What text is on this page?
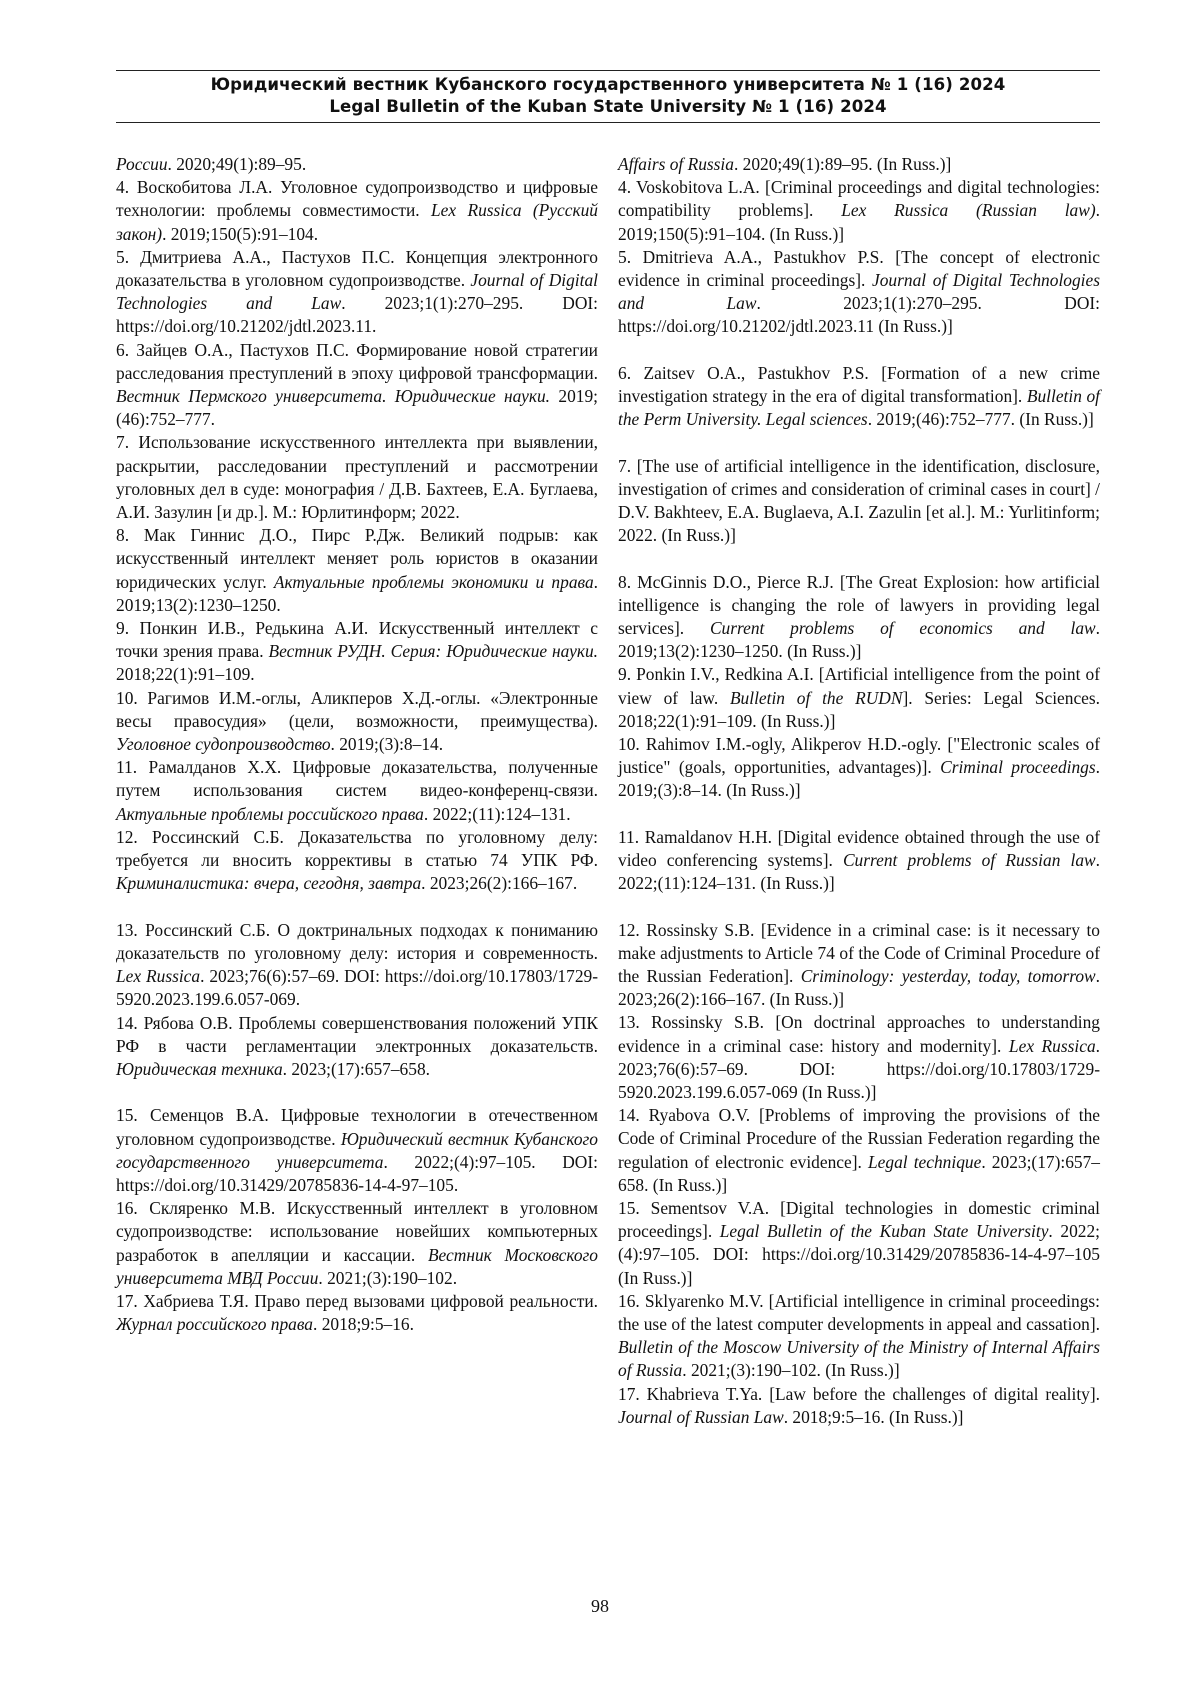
Юридический вестник Кубанского государственного университета № 1 (16) 2024
Legal Bulletin of the Kuban State University № 1 (16) 2024

России. 2020;49(1):89–95.

4. Воскобитова Л.А. Уголовное судопроизводство и цифровые технологии: проблемы совместимости. Lex Russica (Русский закон). 2019;150(5):91–104.

5. Дмитриева А.А., Пастухов П.С. Концепция электронного доказательства в уголовном судопроизводстве. Journal of Digital Technologies and Law. 2023;1(1):270–295. DOI: https://doi.org/10.21202/jdtl.2023.11.

6. Зайцев О.А., Пастухов П.С. Формирование новой стратегии расследования преступлений в эпоху цифровой трансформации. Вестник Пермского университета. Юридические науки. 2019;(46):752–777.

7. Использование искусственного интеллекта при выявлении, раскрытии, расследовании преступлений и рассмотрении уголовных дел в суде: монография / Д.В. Бахтеев, Е.А. Буглаева, А.И. Зазулин [и др.]. М.: Юрлитинформ; 2022.

8. Мак Гиннис Д.О., Пирс Р.Дж. Великий подрыв: как искусственный интеллект меняет роль юристов в оказании юридических услуг. Актуальные проблемы экономики и права. 2019;13(2):1230–1250.

9. Понкин И.В., Редькина А.И. Искусственный интеллект с точки зрения права. Вестник РУДН. Серия: Юридические науки. 2018;22(1):91–109.

10. Рагимов И.М.-оглы, Аликперов Х.Д.-оглы. «Электронные весы правосудия» (цели, возможности, преимущества). Уголовное судопроизводство. 2019;(3):8–14.

11. Рамалданов Х.Х. Цифровые доказательства, полученные путем использования систем видео-конференц-связи. Актуальные проблемы российского права. 2022;(11):124–131.

12. Россинский С.Б. Доказательства по уголовному делу: требуется ли вносить коррективы в статью 74 УПК РФ. Криминалистика: вчера, сегодня, завтра. 2023;26(2):166–167.

13. Россинский С.Б. О доктринальных подходах к пониманию доказательств по уголовному делу: история и современность. Lex Russica. 2023;76(6):57–69. DOI: https://doi.org/10.17803/1729-5920.2023.199.6.057-069.

14. Рябова О.В. Проблемы совершенствования положений УПК РФ в части регламентации электронных доказательств. Юридическая техника. 2023;(17):657–658.

15. Семенцов В.А. Цифровые технологии в отечественном уголовном судопроизводстве. Юридический вестник Кубанского государственного университета. 2022;(4):97–105. DOI: https://doi.org/10.31429/20785836-14-4-97–105.

16. Скляренко М.В. Искусственный интеллект в уголовном судопроизводстве: использование новейших компьютерных разработок в апелляции и кассации. Вестник Московского университета МВД России. 2021;(3):190–102.

17. Хабриева Т.Я. Право перед вызовами цифровой реальности. Журнал российского права. 2018;9:5–16.

Affairs of Russia. 2020;49(1):89–95. (In Russ.)]

4. Voskobitova L.A. [Criminal proceedings and digital technologies: compatibility problems]. Lex Russica (Russian law). 2019;150(5):91–104. (In Russ.)]

5. Dmitrieva A.A., Pastukhov P.S. [The concept of electronic evidence in criminal proceedings]. Journal of Digital Technologies and Law. 2023;1(1):270–295. DOI: https://doi.org/10.21202/jdtl.2023.11 (In Russ.)]

6. Zaitsev O.A., Pastukhov P.S. [Formation of a new crime investigation strategy in the era of digital transformation]. Bulletin of the Perm University. Legal sciences. 2019;(46):752–777. (In Russ.)]

7. [The use of artificial intelligence in the identification, disclosure, investigation of crimes and consideration of criminal cases in court] / D.V. Bakhteev, E.A. Buglaeva, A.I. Zazulin [et al.]. M.: Yurlitinform; 2022. (In Russ.)]

8. McGinnis D.O., Pierce R.J. [The Great Explosion: how artificial intelligence is changing the role of lawyers in providing legal services]. Current problems of economics and law. 2019;13(2):1230–1250. (In Russ.)]

9. Ponkin I.V., Redkina A.I. [Artificial intelligence from the point of view of law. Bulletin of the RUDN]. Series: Legal Sciences. 2018;22(1):91–109. (In Russ.)]

10. Rahimov I.M.-ogly, Alikperov H.D.-ogly. ["Electronic scales of justice" (goals, opportunities, advantages)]. Criminal proceedings. 2019;(3):8–14. (In Russ.)]

11. Ramaldanov H.H. [Digital evidence obtained through the use of video conferencing systems]. Current problems of Russian law. 2022;(11):124–131. (In Russ.)]

12. Rossinsky S.B. [Evidence in a criminal case: is it necessary to make adjustments to Article 74 of the Code of Criminal Procedure of the Russian Federation]. Criminology: yesterday, today, tomorrow. 2023;26(2):166–167. (In Russ.)]

13. Rossinsky S.B. [On doctrinal approaches to understanding evidence in a criminal case: history and modernity]. Lex Russica. 2023;76(6):57–69. DOI: https://doi.org/10.17803/1729-5920.2023.199.6.057-069 (In Russ.)]

14. Ryabova O.V. [Problems of improving the provisions of the Code of Criminal Procedure of the Russian Federation regarding the regulation of electronic evidence]. Legal technique. 2023;(17):657–658. (In Russ.)]

15. Sementsov V.A. [Digital technologies in domestic criminal proceedings]. Legal Bulletin of the Kuban State University. 2022;(4):97–105. DOI: https://doi.org/10.31429/20785836-14-4-97–105 (In Russ.)]

16. Sklyarenko M.V. [Artificial intelligence in criminal proceedings: the use of the latest computer developments in appeal and cassation]. Bulletin of the Moscow University of the Ministry of Internal Affairs of Russia. 2021;(3):190–102. (In Russ.)]

17. Khabrieva T.Ya. [Law before the challenges of digital reality]. Journal of Russian Law. 2018;9:5–16. (In Russ.)]

98
